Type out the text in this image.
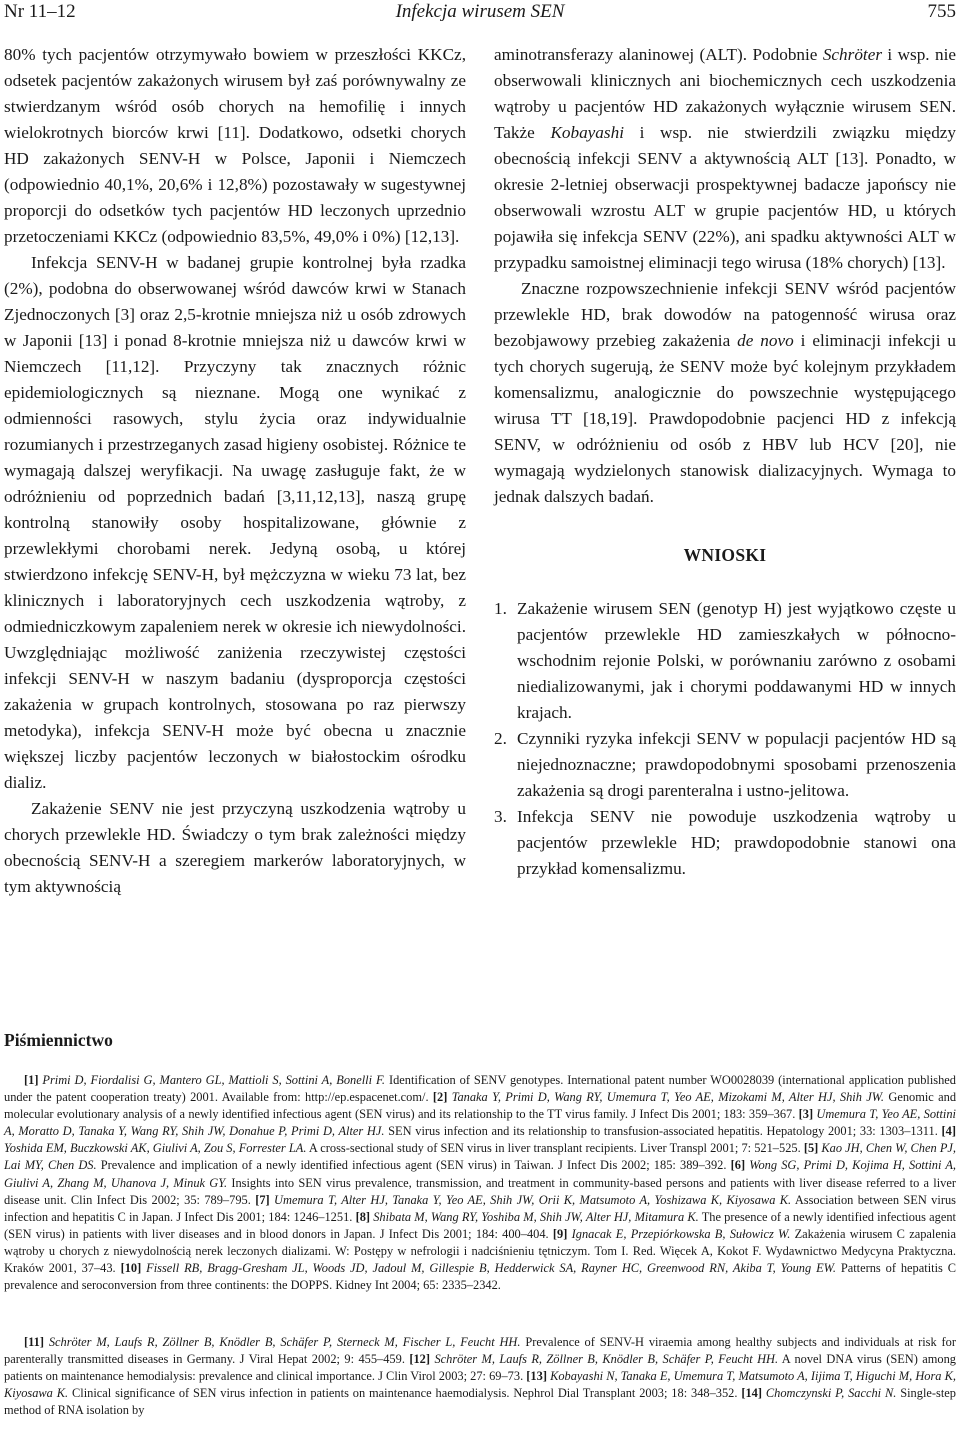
Nr 11–12	Infekcja wirusem SEN	755

80% tych pacjentów otrzymywało bowiem w przeszłości KKCz, odsetek pacjentów zakażonych wirusem był zaś porównywalny ze stwierdzanym wśród osób chorych na hemofilię i innych wielokrotnych biorców krwi [11]. Dodatkowo, odsetki chorych HD zakażonych SENV-H w Polsce, Japonii i Niemczech (odpowiednio 40,1%, 20,6% i 12,8%) pozostawały w sugestywnej proporcji do odsetków tych pacjentów HD leczonych uprzednio przetoczeniami KKCz (odpowiednio 83,5%, 49,0% i 0%) [12,13].

Infekcja SENV-H w badanej grupie kontrolnej była rzadka (2%), podobna do obserwowanej wśród dawców krwi w Stanach Zjednoczonych [3] oraz 2,5-krotnie mniejsza niż u osób zdrowych w Japonii [13] i ponad 8-krotnie mniejsza niż u dawców krwi w Niemczech [11,12]. Przyczyny tak znacznych różnic epidemiologicznych są nieznane. Mogą one wynikać z odmienności rasowych, stylu życia oraz indywidualnie rozumianych i przestrzeganych zasad higieny osobistej. Różnice te wymagają dalszej weryfikacji. Na uwagę zasługuje fakt, że w odróżnieniu od poprzednich badań [3,11,12,13], naszą grupę kontrolną stanowiły osoby hospitalizowane, głównie z przewlekłymi chorobami nerek. Jedyną osobą, u której stwierdzono infekcję SENV-H, był mężczyzna w wieku 73 lat, bez klinicznych i laboratoryjnych cech uszkodzenia wątroby, z odmiedniczkowym zapaleniem nerek w okresie ich niewydolności. Uwzględniając możliwość zaniżenia rzeczywistej częstości infekcji SENV-H w naszym badaniu (dysproporcja częstości zakażenia w grupach kontrolnych, stosowana po raz pierwszy metodyka), infekcja SENV-H może być obecna u znacznie większej liczby pacjentów leczonych w białostockim ośrodku dializ.

Zakażenie SENV nie jest przyczyną uszkodzenia wątroby u chorych przewlekle HD. Świadczy o tym brak zależności między obecnością SENV-H a szeregiem markerów laboratoryjnych, w tym aktywnością

aminotransferazy alaninowej (ALT). Podobnie Schröter i wsp. nie obserwowali klinicznych ani biochemicznych cech uszkodzenia wątroby u pacjentów HD zakażonych wyłącznie wirusem SEN. Także Kobayashi i wsp. nie stwierdzili związku między obecnością infekcji SENV a aktywnością ALT [13]. Ponadto, w okresie 2-letniej obserwacji prospektywnej badacze japońscy nie obserwowali wzrostu ALT w grupie pacjentów HD, u których pojawiła się infekcja SENV (22%), ani spadku aktywności ALT w przypadku samoistnej eliminacji tego wirusa (18% chorych) [13].

Znaczne rozpowszechnienie infekcji SENV wśród pacjentów przewlekle HD, brak dowodów na patogenność wirusa oraz bezobjawowy przebieg zakażenia de novo i eliminacji infekcji u tych chorych sugerują, że SENV może być kolejnym przykładem komensalizmu, analogicznie do powszechnie występującego wirusa TT [18,19]. Prawdopodobnie pacjenci HD z infekcją SENV, w odróżnieniu od osób z HBV lub HCV [20], nie wymagają wydzielonych stanowisk dializacyjnych. Wymaga to jednak dalszych badań.

WNIOSKI
1. Zakażenie wirusem SEN (genotyp H) jest wyjątkowo częste u pacjentów przewlekle HD zamieszkałych w północno-wschodnim rejonie Polski, w porównaniu zarówno z osobami niedializowanymi, jak i chorymi poddawanymi HD w innych krajach.
2. Czynniki ryzyka infekcji SENV w populacji pacjentów HD są niejednoznaczne; prawdopodobnymi sposobami przenoszenia zakażenia są drogi parenteralna i ustno-jelitowa.
3. Infekcja SENV nie powoduje uszkodzenia wątroby u pacjentów przewlekle HD; prawdopodobnie stanowi ona przykład komensalizmu.
Piśmiennictwo

[1] Primi D, Fiordalisi G, Mantero GL, Mattioli S, Sottini A, Bonelli F. Identification of SENV genotypes. International patent number WO0028039 (international application published under the patent cooperation treaty) 2001. Available from: http://ep.espacenet.com/. [2] Tanaka Y, Primi D, Wang RY, Umemura T, Yeo AE, Mizokami M, Alter HJ, Shih JW. Genomic and molecular evolutionary analysis of a newly identified infectious agent (SEN virus) and its relationship to the TT virus family. J Infect Dis 2001; 183: 359–367. [3] Umemura T, Yeo AE, Sottini A, Moratto D, Tanaka Y, Wang RY, Shih JW, Donahue P, Primi D, Alter HJ. SEN virus infection and its relationship to transfusion-associated hepatitis. Hepatology 2001; 33: 1303–1311. [4] Yoshida EM, Buczkowski AK, Giulivi A, Zou S, Forrester LA. A cross-sectional study of SEN virus in liver transplant recipients. Liver Transpl 2001; 7: 521–525. [5] Kao JH, Chen W, Chen PJ, Lai MY, Chen DS. Prevalence and implication of a newly identified infectious agent (SEN virus) in Taiwan. J Infect Dis 2002; 185: 389–392. [6] Wong SG, Primi D, Kojima H, Sottini A, Giulivi A, Zhang M, Uhanova J, Minuk GY. Insights into SEN virus prevalence, transmission, and treatment in community-based persons and patients with liver disease referred to a liver disease unit. Clin Infect Dis 2002; 35: 789–795. [7] Umemura T, Alter HJ, Tanaka Y, Yeo AE, Shih JW, Orii K, Matsumoto A, Yoshizawa K, Kiyosawa K. Association between SEN virus infection and hepatitis C in Japan. J Infect Dis 2001; 184: 1246–1251. [8] Shibata M, Wang RY, Yoshiba M, Shih JW, Alter HJ, Mitamura K. The presence of a newly identified infectious agent (SEN virus) in patients with liver diseases and in blood donors in Japan. J Infect Dis 2001; 184: 400–404. [9] Ignacak E, Przepiórkowska B, Sułowicz W. Zakażenia wirusem C zapalenia wątroby u chorych z niewydolnością nerek leczonych dializami. W: Postępy w nefrologii i nadciśnieniu tętniczym. Tom I. Red. Więcek A, Kokot F. Wydawnictwo Medycyna Praktyczna. Kraków 2001, 37–43. [10] Fissell RB, Bragg-Gresham JL, Woods JD, Jadoul M, Gillespie B, Hedderwick SA, Rayner HC, Greenwood RN, Akiba T, Young EW. Patterns of hepatitis C prevalence and seroconversion from three continents: the DOPPS. Kidney Int 2004; 65: 2335–2342.

[11] Schröter M, Laufs R, Zöllner B, Knödler B, Schäfer P, Sterneck M, Fischer L, Feucht HH. Prevalence of SENV-H viraemia among healthy subjects and individuals at risk for parenterally transmitted diseases in Germany. J Viral Hepat 2002; 9: 455–459. [12] Schröter M, Laufs R, Zöllner B, Knödler B, Schäfer P, Feucht HH. A novel DNA virus (SEN) among patients on maintenance hemodialysis: prevalence and clinical importance. J Clin Virol 2003; 27: 69–73. [13] Kobayashi N, Tanaka E, Umemura T, Matsumoto A, Iijima T, Higuchi M, Hora K, Kiyosawa K. Clinical significance of SEN virus infection in patients on maintenance haemodialysis. Nephrol Dial Transplant 2003; 18: 348–352. [14] Chomczynski P, Sacchi N. Single-step method of RNA isolation by
